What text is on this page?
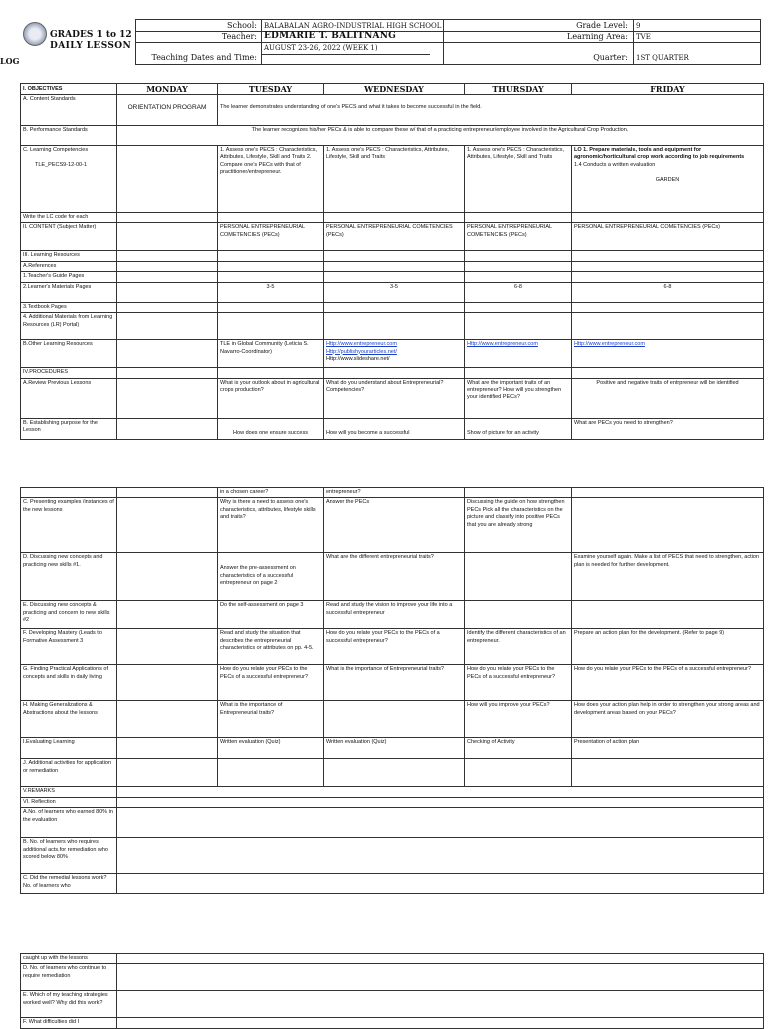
LOG
GRADES 1 to 12
DAILY LESSON
School: BALABALAN AGRO-INDUSTRIAL HIGH SCHOOL
Teacher: EDMARIE T. BALITNANG
Teaching Dates and Time:
AUGUST 23-26, 2022 (WEEK 1)
Grade Level: 9
Learning Area: TVE
Quarter: 1ST QUARTER
I. OBJECTIVES	MONDAY	TUESDAY	WEDNESDAY	THURSDAY	FRIDAY
A. Content Standards	ORIENTATION PROGRAM	The learner demonstrates understanding of one's PECS and what it takes to become successful in the field.			
B. Performance Standards	The learner recognizes his/her PECs & is able to compare these w/ that of a practicing entrepreneur/employee involved in the Agricultural Crop Production.				
C. Learning Competencies

TLE_PECS9-12-00-1		1. Assess one's PECS : Characteristics, Attributes, Lifestyle, Skill and Traits 2. Compare one's PECs with that of practitioner/entrepreneur.	1. Assess one's PECS : Characteristics, Attributes, Lifestyle, Skill and Traits	1. Assess one's PECS : Characteristics, Attributes, Lifestyle, Skill and Traits	LO 1. Prepare materials, tools and equipment for agronomic/horticultural crop work according to job requirements
1.4 Conducts a written evaluation

GARDEN

Write the LC code for each					
II. CONTENT (Subject Matter)		PERSONAL ENTREPRENEURIAL COMETENCIES (PECs)	PERSONAL ENTREPRENEURIAL COMETENCIES (PECs)	PERSONAL ENTREPRENEURIAL COMETENCIES (PECs)	PERSONAL ENTREPRENEURIAL COMETENCIES (PECs)
III. Learning Resources					
A.References					
1.Teacher's Guide Pages					
2.Learner's Materials Pages		3-5	3-5	6-8	6-8
3.Textbook Pages					
4. Additional Materials from Learning Resources (LR) Portal)					
B.Other Learning Resources		TLE in Global Community (Leticia S. Navarro-Coordinator)	Http://www.entrepreneur.com
Http://publishyourarticles.net/
Http://www.slideshare.net/	Http://www.entrepreneur.com	Http://www.entrepreneur.com
IV.PROCEDURES					
A.Review Previous Lessons		What is your outlook about in agricultural crops production?	What do you understand about Entrepreneurial? Competencies?	What are the important traits of an entrepreneur? How will you strengthen your identified PECs?	Positive and negative traits of entrpreneur will be identified
B. Establishing purpose for the Lesson		How does one ensure success	How will you become a successful	Show of picture for an activity	What are PECs you need to strengthen?
		in a chosen career?	entrepreneur?		
C. Presenting examples /instances of the new lessons		Why is there a need to assess one's characteristics, attributes, lifestyle skills and traits?	Answer the PECs	Discussing the guide on how strengthen PECs Pick all the characteristics on the picture and classify into positive PECs that you are already strong	
D. Discussing new concepts and practicing new skills #1.		Answer the pre-assessment on characteristics of a successful entrepreneur on page 2	What are the different entrepreneurial traits?		Examine yourself again. Make a list of PECS that need to strengthen, action plan is needed for further development.
E. Discussing new concepts & practicing and concern to new skills #2		Do the self-assessment on page 3	Read and study the vision to improve your life into a successful entrepreneur		
F. Developing Mastery (Leads to Formative Assessment 3		Read and study the situation that describes the entrepreneurial characteristics or attributes on pp. 4-5.	How do you relate your PECs to the PECs of a successful entrepreneur?	Identify the different characteristics of an entrepreneur.	Prepare an action plan for the development. (Refer to page 9)
G. Finding Practical Applications of concepts and skills in daily living		How do you relate your PECs to the PECs of a successful entrepreneur?	What is the importance of Entrepreneurial traits?	How do you relate your PECs to the PECs of a successful entrepreneur?	How do you relate your PECs to the PECs of a successful entrepreneur?
H. Making Generalizations & Abstractions about the lessons		What is the importance of Entrepreneurial traits?		How will you improve your PECs?	How does your action plan help in order to strengthen your strong areas and development areas based on your PECs?
I.Evaluating Learning		Written evaluation (Quiz)	Written evaluation (Quiz)	Checking of Activity	Presentation of action plan
J. Additional activities for application or remediation					
V.REMARKS					
VI. Reflection					
A.No. of learners who earned 80% in the evaluation					
B. No. of learners who requires additional acts.for remediation who scored below 80%					
C. Did the remedial lessons work? No. of learners who					
caught up with the lessons	
D. No. of learners who continue to require remediation	
E. Which of my teaching strategies worked well? Why did this work?	
F. What difficulties did I	
